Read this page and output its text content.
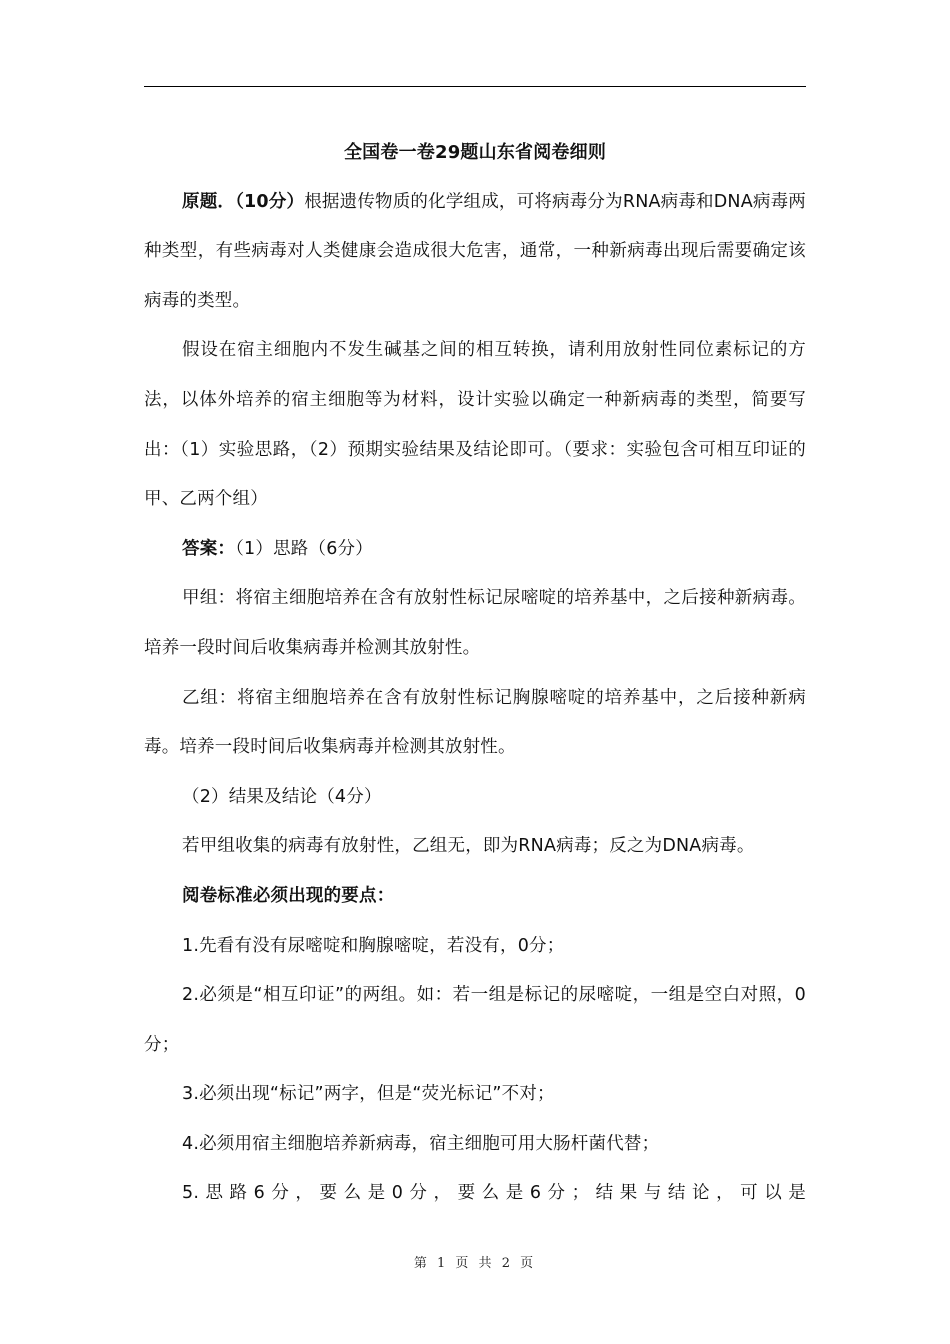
全国卷一卷29题山东省阅卷细则

原题．（10分）根据遗传物质的化学组成，可将病毒分为RNA病毒和DNA病毒两种类型，有些病毒对人类健康会造成很大危害，通常，一种新病毒出现后需要确定该病毒的类型。

假设在宿主细胞内不发生碱基之间的相互转换，请利用放射性同位素标记的方法，以体外培养的宿主细胞等为材料，设计实验以确定一种新病毒的类型，简要写出：（1）实验思路，（2）预期实验结果及结论即可。（要求：实验包含可相互印证的甲、乙两个组）

答案：（1）思路（6分）

甲组：将宿主细胞培养在含有放射性标记尿嘧啶的培养基中，之后接种新病毒。培养一段时间后收集病毒并检测其放射性。

乙组：将宿主细胞培养在含有放射性标记胸腺嘧啶的培养基中，之后接种新病毒。培养一段时间后收集病毒并检测其放射性。

（2）结果及结论（4分）

若甲组收集的病毒有放射性，乙组无，即为RNA病毒；反之为DNA病毒。

阅卷标准必须出现的要点：

1.先看有没有尿嘧啶和胸腺嘧啶，若没有，0分；

2.必须是“相互印证”的两组。如：若一组是标记的尿嘧啶，一组是空白对照，0分；

3.必须出现“标记”两字，但是“荧光标记”不对；

4.必须用宿主细胞培养新病毒，宿主细胞可用大肠杆菌代替；

5.思路6分，要么是0分，要么是6分；结果与结论，可以是

第 1 页 共 2 页
